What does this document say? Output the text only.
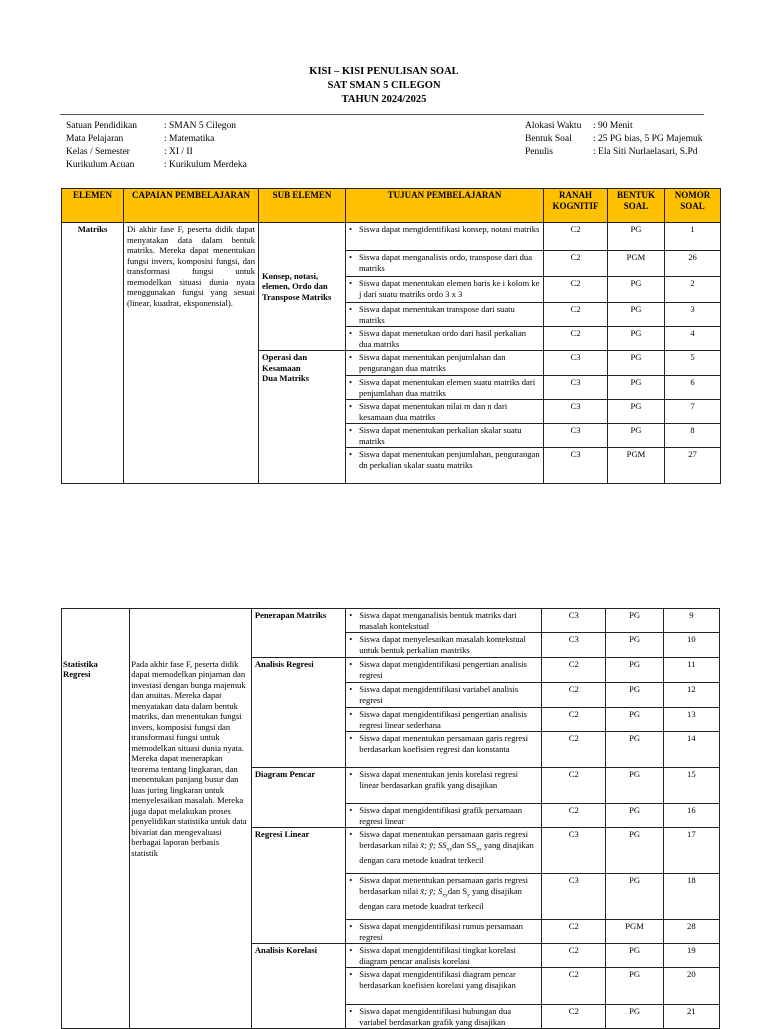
KISI – KISI PENULISAN SOAL
SAT SMAN 5 CILEGON
TAHUN 2024/2025
Satuan Pendidikan	: SMAN 5 Cilegon
Mata Pelajaran	: Matematika
Kelas / Semester	: XI / II
Kurikulum Acuan	: Kurikulum Merdeka
Alokasi Waktu : 90 Menit
Bentuk Soal : 25 PG bias, 5 PG Majemuk
Penulis	: Ela Siti Nurlaelasari, S.Pd
ELEMEN	CAPAIAN PEMBELAJARAN	SUB ELEMEN	TUJUAN PEMBELAJARAN	RANAH KOGNITIF	BENTUK SOAL	NOMOR SOAL
Matriks	Di akhir fase F, peserta didik dapat menyatakan data dalam bentuk matriks. Mereka dapat menentukan fungsi invers, komposisi fungsi, dan transformasi fungsi untuk memodelkan situasi dunia nyata menggunakan fungsi yang sesuai (linear, kuadrat, eksponensial).	Konsep, notasi, elemen, Ordo dan Transpose Matriks	• Siswa dapat mengidentifikasi konsep, notasi matriks	C2	PG	1

			• Siswa dapat menganalisis ordo, transpose dari dua matriks	C2	PGM	26

			• Siswa dapat menentukan elemen baris ke i kolom ke j dari suatu matriks ordo 3 x 3	C2	PG	2

			• Siswa dapat menentukan transpose dari suatu matriks	C2	PG	3

			• Siswa dapat menetukan ordo dari hasil perkalian dua matriks	C2	PG	4

		Operasi dan Kesamaan Dua Matriks	• Siswa dapat menentukan penjumlahan dan pengurangan dua matriks	C3	PG	5

			• Siswa dapat menentukan elemen suatu matriks dari penjumlahan dua matriks	C3	PG	6

			• Siswa dapat menentukan nilai m dan n dari kesamaan dua matriks	C3	PG	7

			• Siswa dapat menentukan perkalian skalar suatu matriks	C3	PG	8

			• Siswa dapat menentukan penjumlahan, pengurangan dn perkalian skalar suatu matriks	C3	PGM	27
		Penerapan Matriks	• Siswa dapat menganalisis bentuk matriks dari masalah kontekstual	C3	PG	9

			• Siswa dapat menyelesaikan masalah kontekstual untuk bentuk perkalian mastriks	C3	PG	10
Statistika Regresi	Pada akhir fase F, peserta didik dapat memodelkan pinjaman dan investasi dengan bunga majemuk dan anuitas. Mereka dapat menyatakan data dalam bentuk matriks, dan menentukan fungsi invers, komposisi fungsi dan transformasi fungsi untuk memodelkan situasi dunia nyata. Mereka dapat menerapkan teorema tentang lingkaran, dan menentukan panjang busur dan luas juring lingkaran untuk menyelesaikan masalah. Mereka juga dapat melakukan proses penyelidikan statistika untuk data bivariat dan mengevaluasi berbagai laporan berbasis statistik	Analisis Regresi	• Siswa dapat mengidentifikasi pengertian analisis regresi	C2	PG	11

			• Siswa dapat mengidentifikasi variabel analisis regresi	C2	PG	12

			• Siswa dapat mengidentifikasi pengertian analisis regresi linear sederhana	C2	PG	13

			• Siswa dapat menentukan persamaan garis regresi berdasarkan koefisien regresi dan konstanta	C2	PG	14
		Diagram Pencar	• Siswa dapat menentukan jenis korelasi regresi linear berdasarkan grafik yang disajikan	C2	PG	15

			• Siswa dapat mengidentifikasi grafik persamaan regresi linear	C2	PG	16
		Regresi Linear	• Siswa dapat menentukan persamaan garis regresi berdasarkan nilai x̄; ȳ; $SS_{xy}dan$ $SS_{xx}$ yang disajikan dengan cara metode kuadrat terkecil	C3	PG	17

			• Siswa dapat menentukan persamaan garis regresi berdasarkan nilai x̄; ȳ; $S_{xy}dan$ $S_y$ yang disajikan dengan cara metode kuadrat terkecil	C3	PG	18

			• Siswa dapat mengidentifikasi rumus persamaan regresi	C2	PGM	28
		Analisis Korelasi	• Siswa dapat mengidentifikasi tingkat korelasi diagram pencar analisis korelasi	C2	PG	19

			• Siswa dapat mengidentifikasi diagram pencar berdasarkan koefisien korelasi yang disajikan	C2	PG	20

			• Siswa dapat mengidentifikasi hubungan dua variabel berdasarkan grafik yang disajikan	C2	PG	21
